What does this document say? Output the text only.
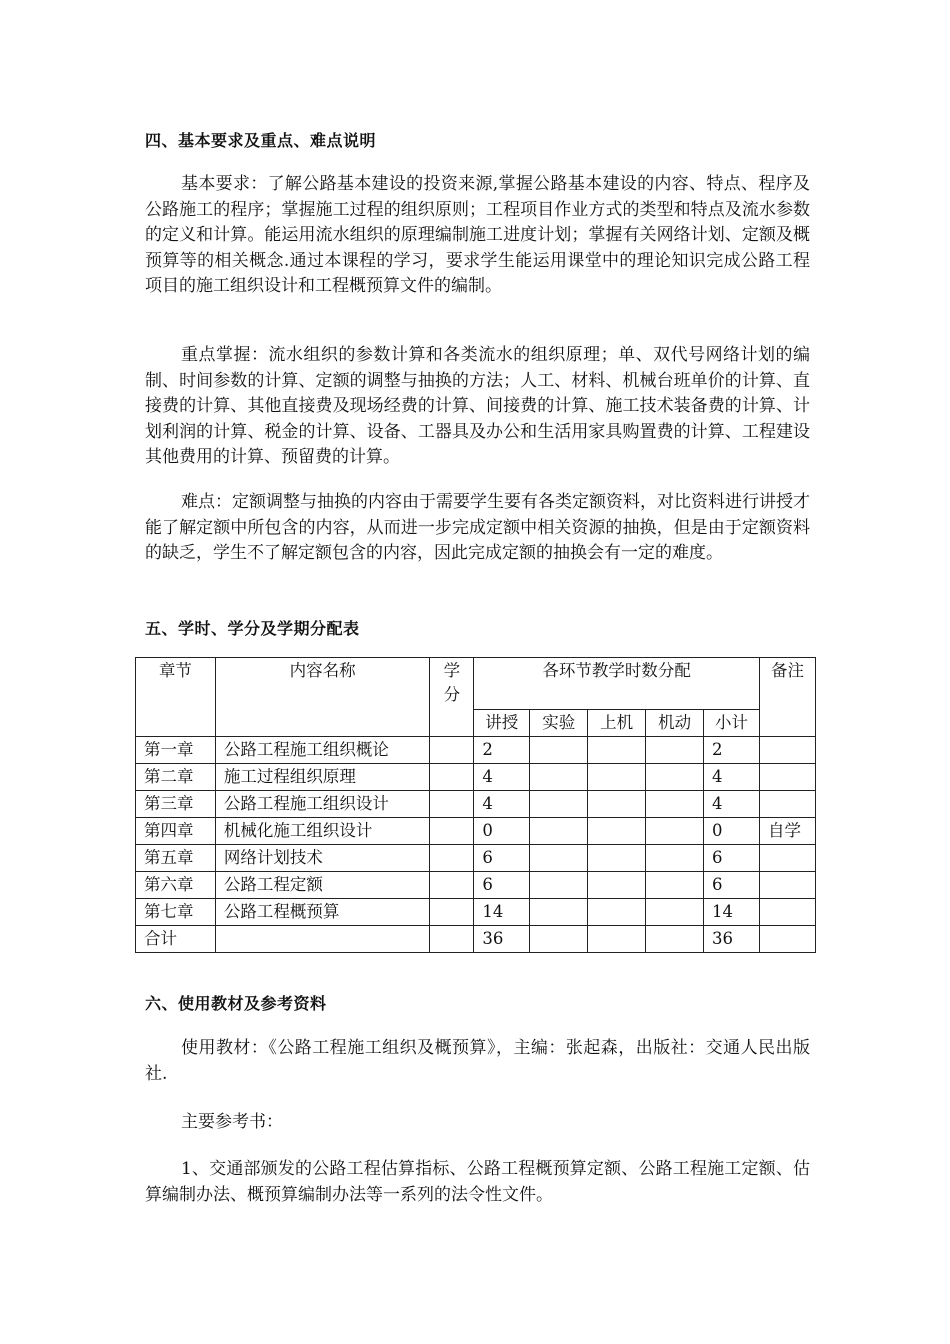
四、基本要求及重点、难点说明

基本要求：了解公路基本建设的投资来源,掌握公路基本建设的内容、特点、程序及公路施工的程序；掌握施工过程的组织原则；工程项目作业方式的类型和特点及流水参数的定义和计算。能运用流水组织的原理编制施工进度计划；掌握有关网络计划、定额及概预算等的相关概念.通过本课程的学习，要求学生能运用课堂中的理论知识完成公路工程项目的施工组织设计和工程概预算文件的编制。

重点掌握：流水组织的参数计算和各类流水的组织原理；单、双代号网络计划的编制、时间参数的计算、定额的调整与抽换的方法；人工、材料、机械台班单价的计算、直接费的计算、其他直接费及现场经费的计算、间接费的计算、施工技术装备费的计算、计划利润的计算、税金的计算、设备、工器具及办公和生活用家具购置费的计算、工程建设其他费用的计算、预留费的计算。

难点：定额调整与抽换的内容由于需要学生要有各类定额资料，对比资料进行讲授才能了解定额中所包含的内容，从而进一步完成定额中相关资源的抽换，但是由于定额资料的缺乏，学生不了解定额包含的内容，因此完成定额的抽换会有一定的难度。

五、学时、学分及学期分配表
章节	内容名称	学分	各环节教学时数分配					备注
			讲授	实验	上机	机动	小计	
第一章	公路工程施工组织概论		2				2	
第二章	施工过程组织原理		4				4	
第三章	公路工程施工组织设计		4				4	
第四章	机械化施工组织设计		0				0	自学
第五章	网络计划技术		6				6	
第六章	公路工程定额		6				6	
第七章	公路工程概预算		14				14	
合计			36				36	
六、使用教材及参考资料

使用教材：《公路工程施工组织及概预算》，主编：张起森，出版社：交通人民出版社.

主要参考书：

1、交通部颁发的公路工程估算指标、公路工程概预算定额、公路工程施工定额、估算编制办法、概预算编制办法等一系列的法令性文件。
